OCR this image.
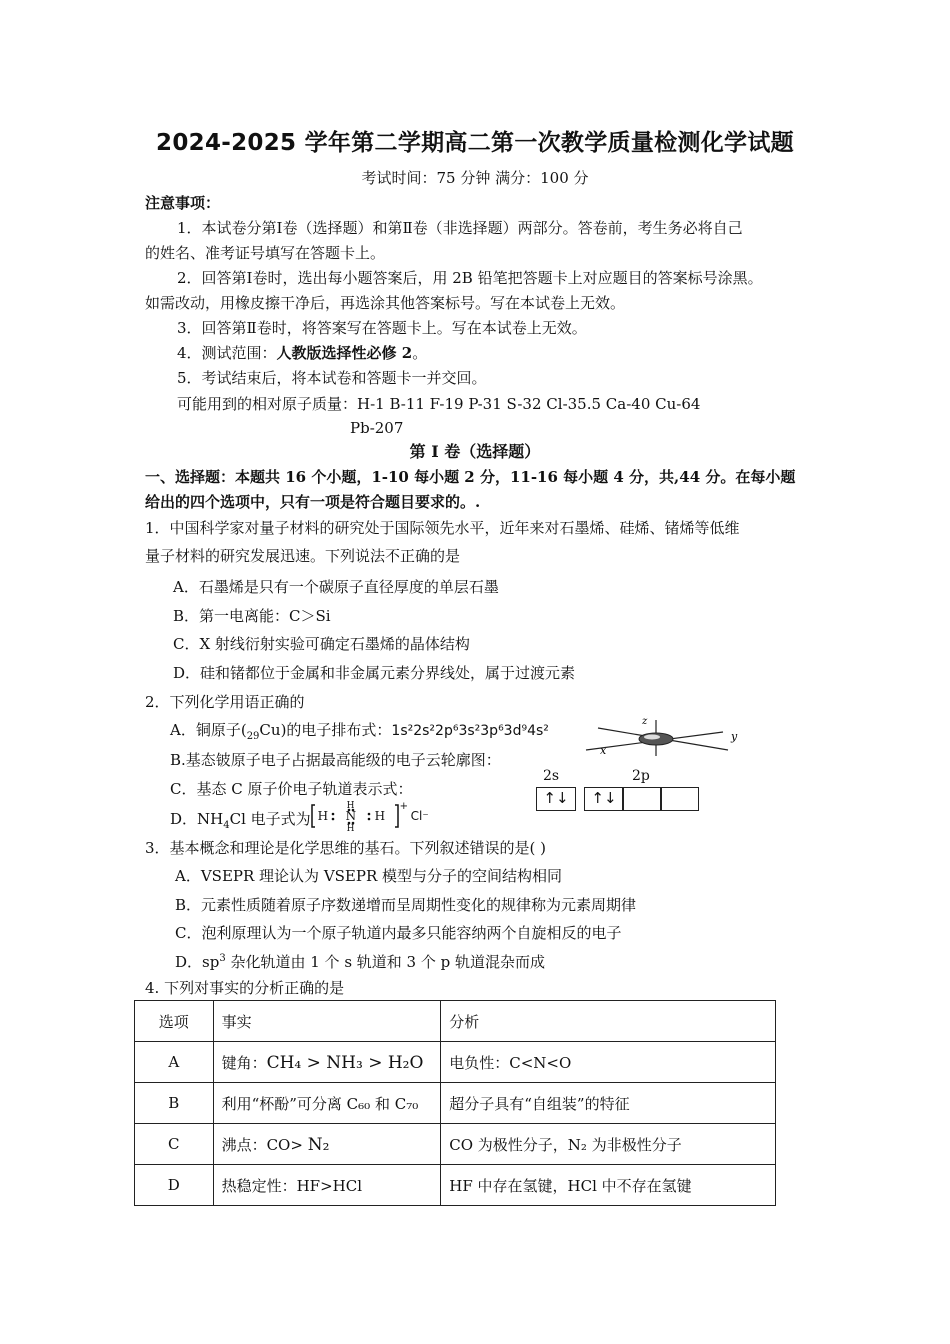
2024-2025 学年第二学期高二第一次教学质量检测化学试题
考试时间：75 分钟 满分：100 分
注意事项：
1．本试卷分第Ⅰ卷（选择题）和第Ⅱ卷（非选择题）两部分。答卷前，考生务必将自己
的姓名、准考证号填写在答题卡上。
2．回答第Ⅰ卷时，选出每小题答案后，用 2B 铅笔把答题卡上对应题目的答案标号涂黑。
如需改动，用橡皮擦干净后，再选涂其他答案标号。写在本试卷上无效。
3．回答第Ⅱ卷时，将答案写在答题卡上。写在本试卷上无效。
4．测试范围：人教版选择性必修 2。
5．考试结束后，将本试卷和答题卡一并交回。
可能用到的相对原子质量：H-1 B-11 F-19 P-31 S-32 Cl-35.5 Ca-40 Cu-64
Pb-207
第 I 卷（选择题）
一、选择题：本题共 16 个小题，1-10 每小题 2 分，11-16 每小题 4 分，共,44 分。在每小题
给出的四个选项中，只有一项是符合题目要求的。.
1．中国科学家对量子材料的研究处于国际领先水平，近年来对石墨烯、硅烯、锗烯等低维
量子材料的研究发展迅速。下列说法不正确的是
A．石墨烯是只有一个碳原子直径厚度的单层石墨
B．第一电离能：C＞Si
C．X 射线衍射实验可确定石墨烯的晶体结构
D．硅和锗都位于金属和非金属元素分界线处，属于过渡元素
2．下列化学用语正确的
A．铜原子$(_{29}Cu)$的电子排布式：1s²2s²2p⁶3s²3p⁶3d⁹4s²
B.基态铍原子电子占据最高能级的电子云轮廓图：
C．基态 C 原子价电子轨道表示式：
D．$NH_4Cl$ 电子式为 H
H
N
H
H
+
Cl⁻
z
x
y
2s	2p
↑↓	↑↓
3．基本概念和理论是化学思维的基石。下列叙述错误的是( )
A．VSEPR 理论认为 VSEPR 模型与分子的空间结构相同
B．元素性质随着原子序数递增而呈周期性变化的规律称为元素周期律
C．泡利原理认为一个原子轨道内最多只能容纳两个自旋相反的电子
D．$sp^3$ 杂化轨道由 1 个 s 轨道和 3 个 p 轨道混杂而成
4. 下列对事实的分析正确的是
选项	事实	分析
A	键角：CH₄ > NH₃ > H₂O	电负性：C<N<O
B	利用“杯酚”可分离 C₆₀ 和 C₇₀	超分子具有“自组装”的特征
C	沸点：CO> N₂	CO 为极性分子，N₂ 为非极性分子
D	热稳定性：HF>HCl	HF 中存在氢键，HCl 中不存在氢键
